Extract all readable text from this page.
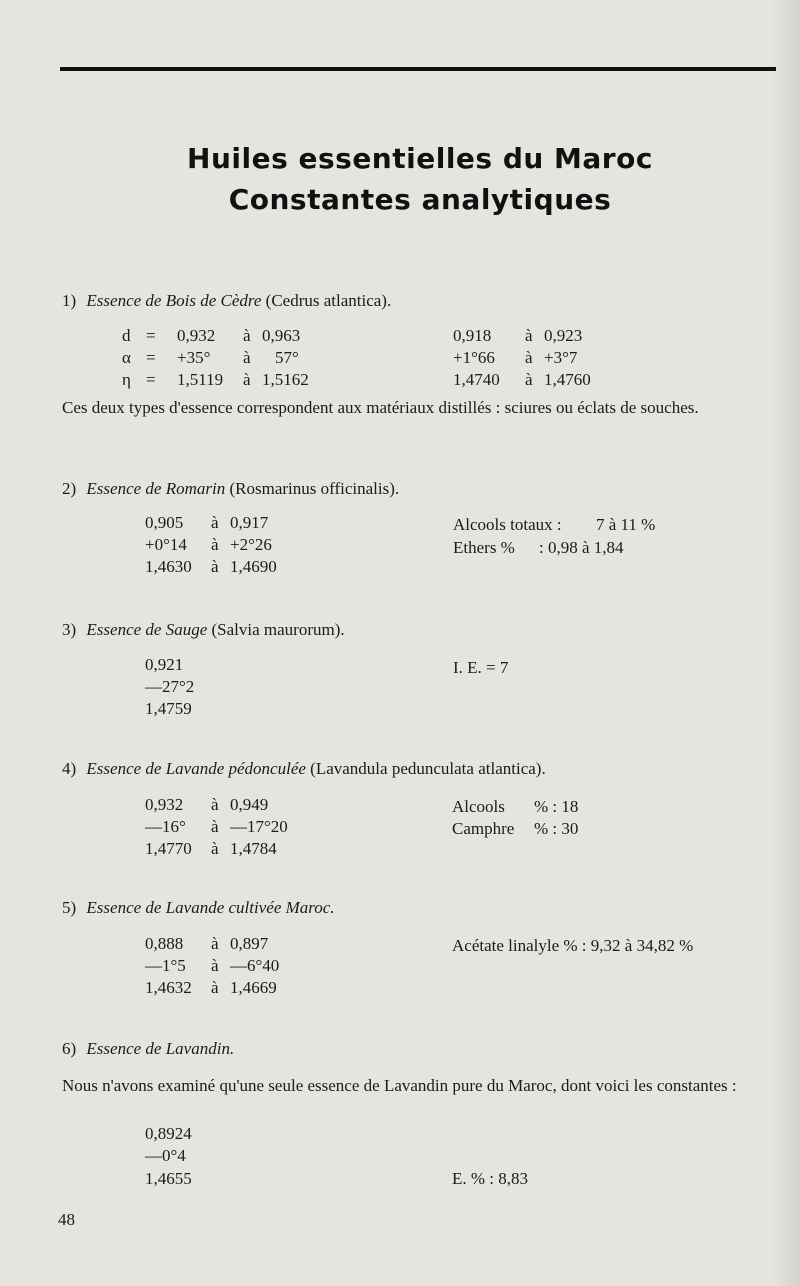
Huiles essentielles du Maroc
Constantes analytiques
1) Essence de Bois de Cèdre (Cedrus atlantica).
d = 0,932 à 0,963	0,918 à 0,923
α = +35° à 57°	+1°66 à +3°7
η = 1,5119 à 1,5162	1,4740 à 1,4760
Ces deux types d'essence correspondent aux matériaux distillés : sciures ou éclats de souches.
2) Essence de Romarin (Rosmarinus officinalis).
0,905 à 0,917
+0°14 à +2°26
1,4630 à 1,4690
Alcools totaux : 7 à 11 %
Ethers % : 0,98 à 1,84
3) Essence de Sauge (Salvia maurorum).
0,921
—27°2
1,4759
I. E. = 7
4) Essence de Lavande pédonculée (Lavandula pedunculata atlantica).
0,932 à 0,949
—16° à —17°20
1,4770 à 1,4784
Alcools % : 18
Camphre % : 30
5) Essence de Lavande cultivée Maroc.
0,888 à 0,897
—1°5 à —6°40
1,4632 à 1,4669
Acétate linalyle % : 9,32 à 34,82 %
6) Essence de Lavandin.
Nous n'avons examiné qu'une seule essence de Lavandin pure du Maroc, dont voici les constantes :
0,8924
—0°4
1,4655	E. % : 8,83
48
